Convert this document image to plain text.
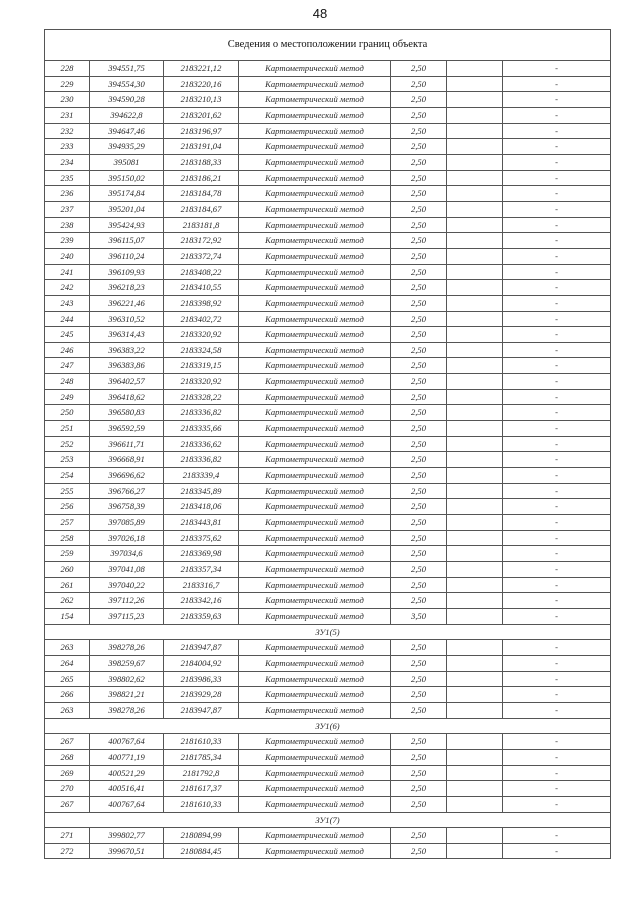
48
Сведения о местоположении границ объекта						
228	394551,75	2183221,12	Картометрический метод	2,50		-
229	394554,30	2183220,16	Картометрический метод	2,50		-
230	394590,28	2183210,13	Картометрический метод	2,50		-
231	394622,8	2183201,62	Картометрический метод	2,50		-
232	394647,46	2183196,97	Картометрический метод	2,50		-
233	394935,29	2183191,04	Картометрический метод	2,50		-
234	395081	2183188,33	Картометрический метод	2,50		-
235	395150,02	2183186,21	Картометрический метод	2,50		-
236	395174,84	2183184,78	Картометрический метод	2,50		-
237	395201,04	2183184,67	Картометрический метод	2,50		-
238	395424,93	2183181,8	Картометрический метод	2,50		-
239	396115,07	2183172,92	Картометрический метод	2,50		-
240	396110,24	2183372,74	Картометрический метод	2,50		-
241	396109,93	2183408,22	Картометрический метод	2,50		-
242	396218,23	2183410,55	Картометрический метод	2,50		-
243	396221,46	2183398,92	Картометрический метод	2,50		-
244	396310,52	2183402,72	Картометрический метод	2,50		-
245	396314,43	2183320,92	Картометрический метод	2,50		-
246	396383,22	2183324,58	Картометрический метод	2,50		-
247	396383,86	2183319,15	Картометрический метод	2,50		-
248	396402,57	2183320,92	Картометрический метод	2,50		-
249	396418,62	2183328,22	Картометрический метод	2,50		-
250	396580,83	2183336,82	Картометрический метод	2,50		-
251	396592,59	2183335,66	Картометрический метод	2,50		-
252	396611,71	2183336,62	Картометрический метод	2,50		-
253	396668,91	2183336,82	Картометрический метод	2,50		-
254	396696,62	2183339,4	Картометрический метод	2,50		-
255	396766,27	2183345,89	Картометрический метод	2,50		-
256	396758,39	2183418,06	Картометрический метод	2,50		-
257	397085,89	2183443,81	Картометрический метод	2,50		-
258	397026,18	2183375,62	Картометрический метод	2,50		-
259	397034,6	2183369,98	Картометрический метод	2,50		-
260	397041,08	2183357,34	Картометрический метод	2,50		-
261	397040,22	2183316,7	Картометрический метод	2,50		-
262	397112,26	2183342,16	Картометрический метод	2,50		-
154	397115,23	2183359,63	Картометрический метод	3,50		-
ЗУ1(5)						
263	398278,26	2183947,87	Картометрический метод	2,50		-
264	398259,67	2184004,92	Картометрический метод	2,50		-
265	398802,62	2183986,33	Картометрический метод	2,50		-
266	398821,21	2183929,28	Картометрический метод	2,50		-
263	398278,26	2183947,87	Картометрический метод	2,50		-
ЗУ1(6)						
267	400767,64	2181610,33	Картометрический метод	2,50		-
268	400771,19	2181785,34	Картометрический метод	2,50		-
269	400521,29	2181792,8	Картометрический метод	2,50		-
270	400516,41	2181617,37	Картометрический метод	2,50		-
267	400767,64	2181610,33	Картометрический метод	2,50		-
ЗУ1(7)						
271	399802,77	2180894,99	Картометрический метод	2,50		-
272	399670,51	2180884,45	Картометрический метод	2,50		-
